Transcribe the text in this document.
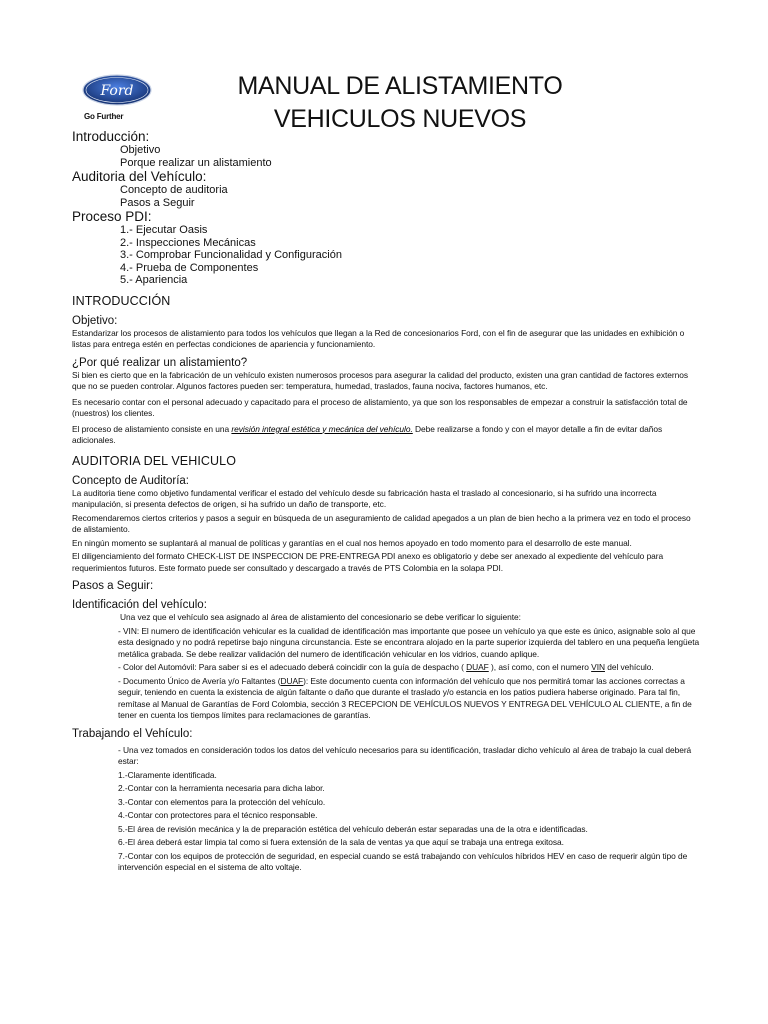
Ford
Go Further
MANUAL DE ALISTAMIENTO
VEHICULOS NUEVOS
Introducción:
Objetivo
Porque realizar un alistamiento
Auditoria del Vehículo:
Concepto de auditoria
Pasos a Seguir
Proceso PDI:
1.- Ejecutar Oasis
2.- Inspecciones Mecánicas
3.- Comprobar Funcionalidad y Configuración
4.- Prueba de Componentes
5.- Apariencia
INTRODUCCIÓN
Objetivo:

Estandarizar los procesos de alistamiento para todos los vehículos que llegan a la Red de concesionarios Ford, con el fin de asegurar que las unidades en exhibición o listas para entrega estén en perfectas condiciones de apariencia y funcionamiento.

¿Por qué realizar un alistamiento?

Si bien es cierto que en la fabricación de un vehículo existen numerosos procesos para asegurar la calidad del producto, existen una gran cantidad de factores externos que no se pueden controlar. Algunos factores pueden ser: temperatura, humedad, traslados, fauna nociva, factores humanos, etc.

Es necesario contar con el personal adecuado y capacitado para el proceso de alistamiento, ya que son los responsables de empezar a construir la satisfacción total de (nuestros) los clientes.

El proceso de alistamiento consiste en una revisión integral estética y mecánica del vehículo. Debe realizarse a fondo y con el mayor detalle a fin de evitar daños adicionales.

AUDITORIA DEL VEHICULO
Concepto de Auditoría:

La auditoria tiene como objetivo fundamental verificar el estado del vehículo desde su fabricación hasta el traslado al concesionario, si ha sufrido una incorrecta manipulación, si presenta defectos de origen, si ha sufrido un daño de transporte, etc.

Recomendaremos ciertos criterios y pasos a seguir en búsqueda de un aseguramiento de calidad apegados a un plan de bien hecho a la primera vez en todo el proceso de alistamiento.

En ningún momento se suplantará al manual de políticas y garantías en el cual nos hemos apoyado en todo momento para el desarrollo de este manual.

El diligenciamiento del formato CHECK-LIST DE INSPECCION DE PRE-ENTREGA PDI anexo es obligatorio y debe ser anexado al expediente del vehículo para requerimientos futuros. Este formato puede ser consultado y descargado a través de PTS Colombia en la solapa PDI.

Pasos a Seguir:
Identificación del vehículo:

Una vez que el vehículo sea asignado al área de alistamiento del concesionario se debe verificar lo siguiente:

- VIN: El numero de identificación vehicular es la cualidad de identificación mas importante que posee un vehículo ya que este es único, asignable solo al que esta designado y no podrá repetirse bajo ninguna circunstancia. Este se encontrara alojado en la parte superior izquierda del tablero en una pequeña lengüeta metálica grabada. Se debe realizar validación del numero de identificación vehicular en los vidrios, cuando aplique.

- Color del Automóvil: Para saber si es el adecuado deberá coincidir con la guía de despacho ( DUAF ), así como, con el numero VIN del vehículo.

- Documento Único de Avería y/o Faltantes (DUAF): Este documento cuenta con información del vehículo que nos permitirá tomar las acciones correctas a seguir, teniendo en cuenta la existencia de algún faltante o daño que durante el traslado y/o estancia en los patios pudiera haberse originado. Para tal fin, remítase al Manual de Garantías de Ford Colombia, sección 3 RECEPCION DE VEHÍCULOS NUEVOS Y ENTREGA DEL VEHÍCULO AL CLIENTE, a fin de tener en cuenta los tiempos límites para reclamaciones de garantías.

Trabajando el Vehículo:

- Una vez tomados en consideración todos los datos del vehículo necesarios para su identificación, trasladar dicho vehículo al área de trabajo la cual deberá estar:

1.-Claramente identificada.

2.-Contar con la herramienta necesaria para dicha labor.

3.-Contar con elementos para la protección del vehículo.

4.-Contar con protectores para el técnico responsable.

5.-El área de revisión mecánica y la de preparación estética del vehículo deberán estar separadas una de la otra e identificadas.

6.-El área deberá estar limpia tal como si fuera extensión de la sala de ventas ya que aquí se trabaja una entrega exitosa.

7.-Contar con los equipos de protección de seguridad, en especial cuando se está trabajando con vehículos híbridos HEV en caso de requerir algún tipo de intervención especial en el sistema de alto voltaje.
